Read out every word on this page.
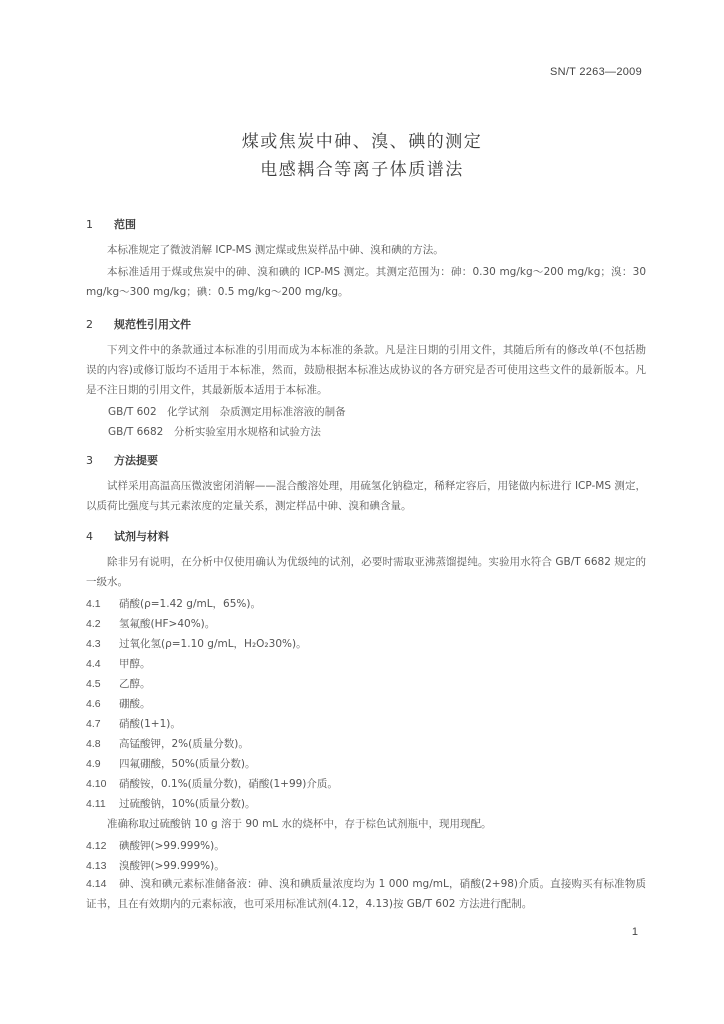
SN/T 2263—2009
煤或焦炭中砷、溴、碘的测定
电感耦合等离子体质谱法
1 范围
本标准规定了微波消解 ICP-MS 测定煤或焦炭样品中砷、溴和碘的方法。
本标准适用于煤或焦炭中的砷、溴和碘的 ICP-MS 测定。其测定范围为：砷：0.30 mg/kg～200 mg/kg；溴：30 mg/kg～300 mg/kg；碘：0.5 mg/kg～200 mg/kg。
2 规范性引用文件
下列文件中的条款通过本标准的引用而成为本标准的条款。凡是注日期的引用文件，其随后所有的修改单(不包括勘误的内容)或修订版均不适用于本标准，然而，鼓励根据本标准达成协议的各方研究是否可使用这些文件的最新版本。凡是不注日期的引用文件，其最新版本适用于本标准。
GB/T 602　化学试剂　杂质测定用标准溶液的制备
GB/T 6682　分析实验室用水规格和试验方法
3 方法提要
试样采用高温高压微波密闭消解——混合酸溶处理，用硫氢化钠稳定，稀释定容后，用铑做内标进行 ICP-MS 测定，以质荷比强度与其元素浓度的定量关系，测定样品中砷、溴和碘含量。
4 试剂与材料
除非另有说明，在分析中仅使用确认为优级纯的试剂，必要时需取亚沸蒸馏提纯。实验用水符合 GB/T 6682 规定的一级水。
4.1 硝酸(ρ=1.42 g/mL，65%)。
4.2 氢氟酸(HF>40%)。
4.3 过氧化氢(ρ=1.10 g/mL，H₂O₂30%)。
4.4 甲醇。
4.5 乙醇。
4.6 硼酸。
4.7 硝酸(1+1)。
4.8 高锰酸钾，2%(质量分数)。
4.9 四氟硼酸，50%(质量分数)。
4.10 硝酸铵，0.1%(质量分数)，硝酸(1+99)介质。
4.11 过硫酸钠，10%(质量分数)。
准确称取过硫酸钠 10 g 溶于 90 mL 水的烧杯中，存于棕色试剂瓶中，现用现配。
4.12 碘酸钾(>99.999%)。
4.13 溴酸钾(>99.999%)。
4.14 砷、溴和碘元素标准储备液：砷、溴和碘质量浓度均为 1 000 mg/mL，硝酸(2+98)介质。直接购买有标准物质证书，且在有效期内的元素标液，也可采用标准试剂(4.12，4.13)按 GB/T 602 方法进行配制。
1
